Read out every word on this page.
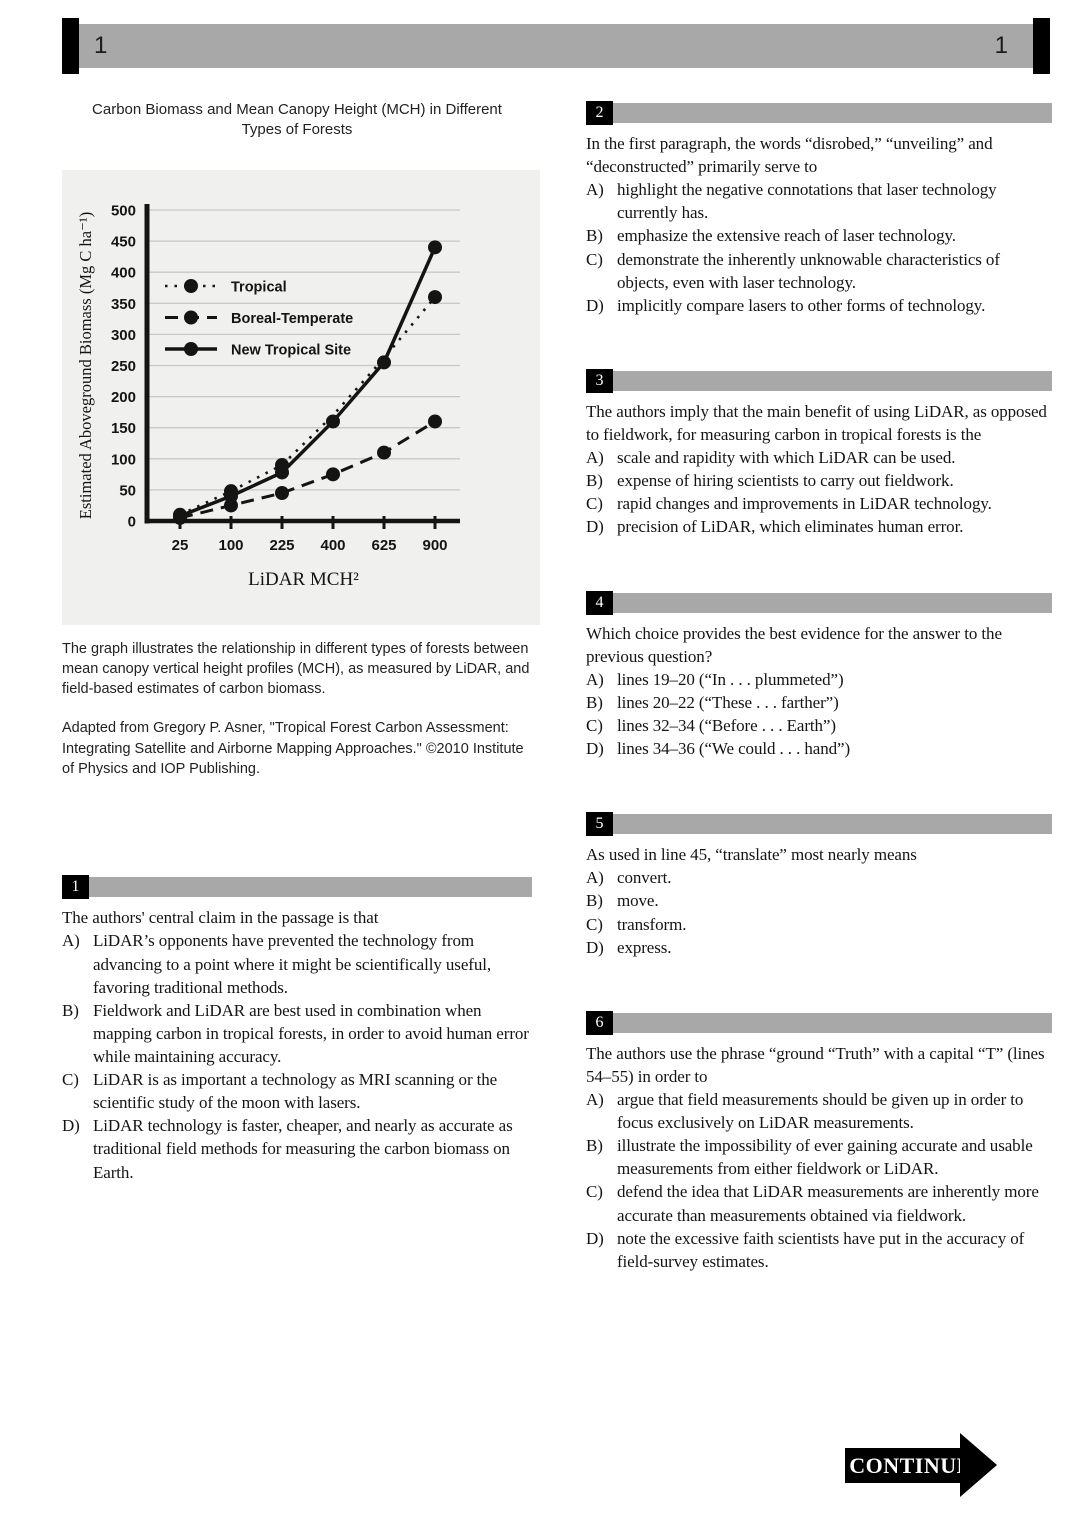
1	1
Carbon Biomass and Mean Canopy Height (MCH) in Different Types of Forests
0
50
100
150
200
250
300
350
400
450
500
25 100 225 400 625 900
LiDAR MCH²
Estimated Aboveground Biomass (Mg C ha⁻¹)	Tropical
Boreal-Temperate
New Tropical Site

The graph illustrates the relationship in different types of forests between mean canopy vertical height profiles (MCH), as measured by LiDAR, and field-based estimates of carbon biomass.

Adapted from Gregory P. Asner, "Tropical Forest Carbon Assessment: Integrating Satellite and Airborne Mapping Approaches." ©2010 Institute of Physics and IOP Publishing.

1

The authors' central claim in the passage is that

A) LiDAR’s opponents have prevented the technology from advancing to a point where it might be scientifically useful, favoring traditional methods.
B) Fieldwork and LiDAR are best used in combination when mapping carbon in tropical forests, in order to avoid human error while maintaining accuracy.
C) LiDAR is as important a technology as MRI scanning or the scientific study of the moon with lasers.
D) LiDAR technology is faster, cheaper, and nearly as accurate as traditional field methods for measuring the carbon biomass on Earth.
2

In the first paragraph, the words “disrobed,” “unveiling” and “deconstructed” primarily serve to

A) highlight the negative connotations that laser technology currently has.
B) emphasize the extensive reach of laser technology.
C) demonstrate the inherently unknowable characteristics of objects, even with laser technology.
D) implicitly compare lasers to other forms of technology.
3

The authors imply that the main benefit of using LiDAR, as opposed to fieldwork, for measuring carbon in tropical forests is the

A) scale and rapidity with which LiDAR can be used.
B) expense of hiring scientists to carry out fieldwork.
C) rapid changes and improvements in LiDAR technology.
D) precision of LiDAR, which eliminates human error.
4

Which choice provides the best evidence for the answer to the previous question?

A) lines 19–20 (“In . . . plummeted”)
B) lines 20–22 (“These . . . farther”)
C) lines 32–34 (“Before . . . Earth”)
D) lines 34–36 (“We could . . . hand”)
5

As used in line 45, “translate” most nearly means

A) convert.
B) move.
C) transform.
D) express.
6

The authors use the phrase “ground “Truth” with a capital “T” (lines 54–55) in order to

A) argue that field measurements should be given up in order to focus exclusively on LiDAR measurements.
B) illustrate the impossibility of ever gaining accurate and usable measurements from either fieldwork or LiDAR.
C) defend the idea that LiDAR measurements are inherently more accurate than measurements obtained via fieldwork.
D) note the excessive faith scientists have put in the accuracy of field-survey estimates.
CONTINUE
